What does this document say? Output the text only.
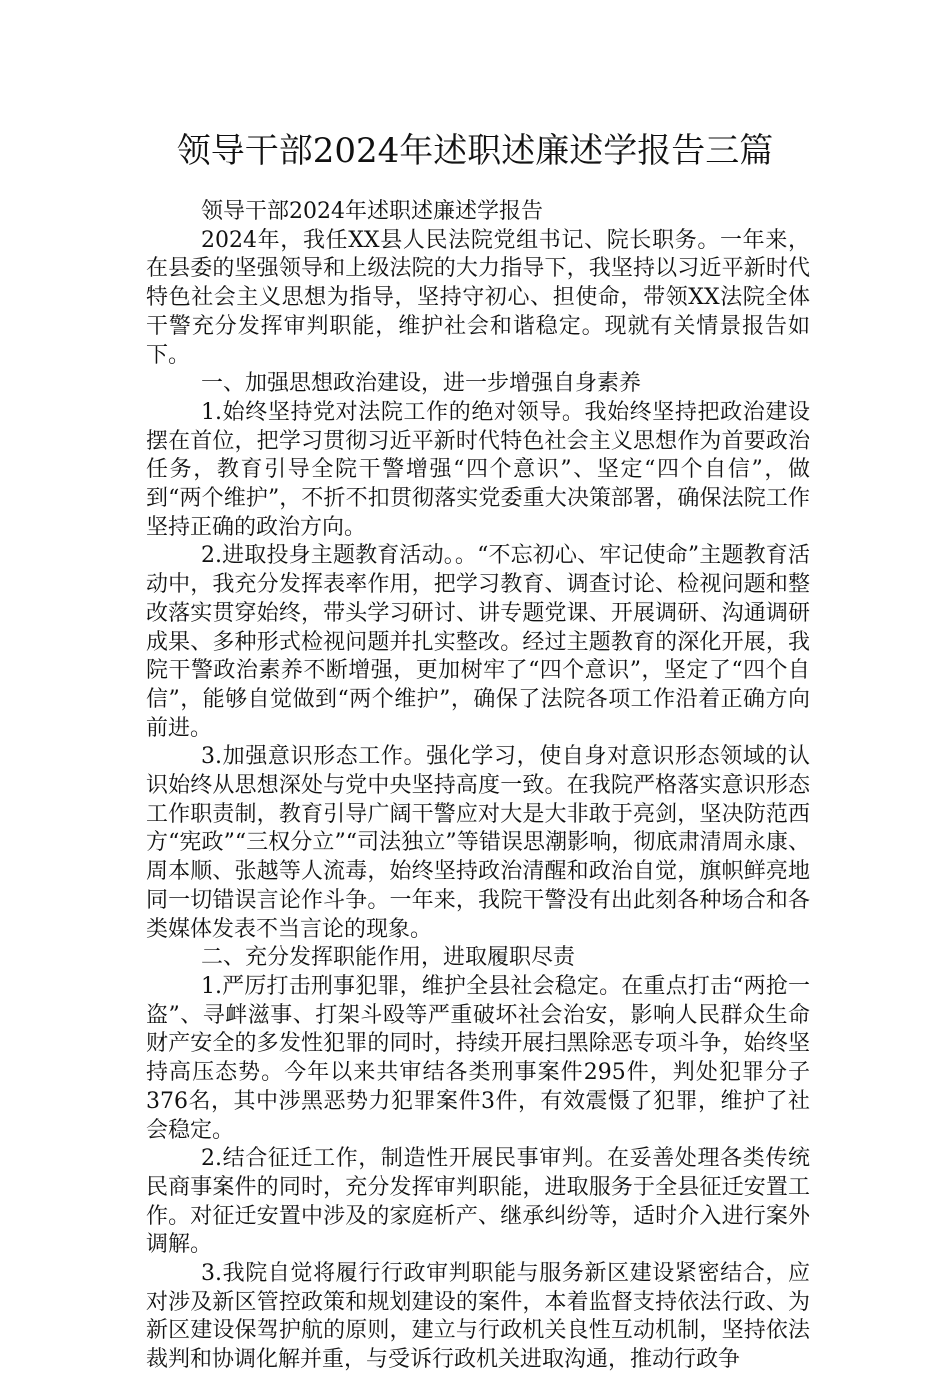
领导干部2024年述职述廉述学报告三篇

领导干部2024年述职述廉述学报告

2024年，我任XX县人民法院党组书记、院长职务。一年来，在县委的坚强领导和上级法院的大力指导下，我坚持以习近平新时代特色社会主义思想为指导，坚持守初心、担使命，带领XX法院全体干警充分发挥审判职能，维护社会和谐稳定。现就有关情景报告如下。

一、加强思想政治建设，进一步增强自身素养

1.始终坚持党对法院工作的绝对领导。我始终坚持把政治建设摆在首位，把学习贯彻习近平新时代特色社会主义思想作为首要政治任务，教育引导全院干警增强“四个意识”、坚定“四个自信”，做到“两个维护”，不折不扣贯彻落实党委重大决策部署，确保法院工作坚持正确的政治方向。

2.进取投身主题教育活动。。“不忘初心、牢记使命”主题教育活动中，我充分发挥表率作用，把学习教育、调查讨论、检视问题和整改落实贯穿始终，带头学习研讨、讲专题党课、开展调研、沟通调研成果、多种形式检视问题并扎实整改。经过主题教育的深化开展，我院干警政治素养不断增强，更加树牢了“四个意识”，坚定了“四个自信”，能够自觉做到“两个维护”，确保了法院各项工作沿着正确方向前进。

3.加强意识形态工作。强化学习，使自身对意识形态领域的认识始终从思想深处与党中央坚持高度一致。在我院严格落实意识形态工作职责制，教育引导广阔干警应对大是大非敢于亮剑，坚决防范西方“宪政”“三权分立”“司法独立”等错误思潮影响，彻底肃清周永康、周本顺、张越等人流毒，始终坚持政治清醒和政治自觉，旗帜鲜亮地同一切错误言论作斗争。一年来，我院干警没有出此刻各种场合和各类媒体发表不当言论的现象。

二、充分发挥职能作用，进取履职尽责

1.严厉打击刑事犯罪，维护全县社会稳定。在重点打击“两抢一盗”、寻衅滋事、打架斗殴等严重破坏社会治安，影响人民群众生命财产安全的多发性犯罪的同时，持续开展扫黑除恶专项斗争，始终坚持高压态势。今年以来共审结各类刑事案件295件，判处犯罪分子376名，其中涉黑恶势力犯罪案件3件，有效震慑了犯罪，维护了社会稳定。

2.结合征迁工作，制造性开展民事审判。在妥善处理各类传统民商事案件的同时，充分发挥审判职能，进取服务于全县征迁安置工作。对征迁安置中涉及的家庭析产、继承纠纷等，适时介入进行案外调解。

3.我院自觉将履行行政审判职能与服务新区建设紧密结合，应对涉及新区管控政策和规划建设的案件，本着监督支持依法行政、为新区建设保驾护航的原则，建立与行政机关良性互动机制，坚持依法裁判和协调化解并重，与受诉行政机关进取沟通，推动行政争
